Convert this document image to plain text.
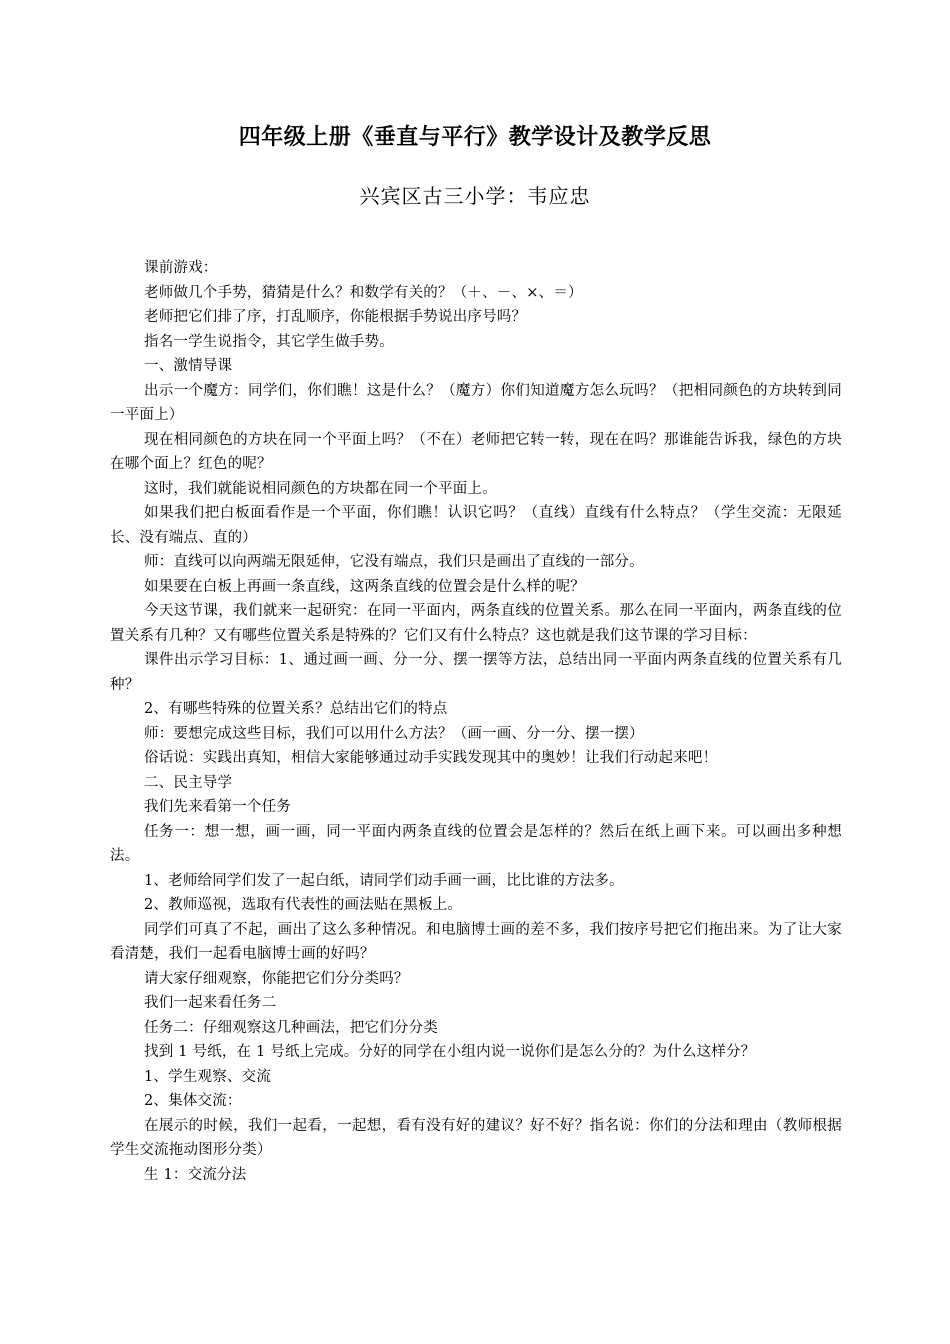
四年级上册《垂直与平行》教学设计及教学反思
兴宾区古三小学：韦应忠

课前游戏：

老师做几个手势，猜猜是什么？和数学有关的？（＋、－、×、＝）

老师把它们排了序，打乱顺序，你能根据手势说出序号吗？

指名一学生说指令，其它学生做手势。

一、激情导课

出示一个魔方：同学们，你们瞧！这是什么？（魔方）你们知道魔方怎么玩吗？（把相同颜色的方块转到同一平面上）

现在相同颜色的方块在同一个平面上吗？（不在）老师把它转一转，现在在吗？那谁能告诉我，绿色的方块在哪个面上？红色的呢？

这时，我们就能说相同颜色的方块都在同一个平面上。

如果我们把白板面看作是一个平面，你们瞧！认识它吗？（直线）直线有什么特点？（学生交流：无限延长、没有端点、直的）

师：直线可以向两端无限延伸，它没有端点，我们只是画出了直线的一部分。

如果要在白板上再画一条直线，这两条直线的位置会是什么样的呢？

今天这节课，我们就来一起研究：在同一平面内，两条直线的位置关系。那么在同一平面内，两条直线的位置关系有几种？又有哪些位置关系是特殊的？它们又有什么特点？这也就是我们这节课的学习目标：

课件出示学习目标：1、通过画一画、分一分、摆一摆等方法，总结出同一平面内两条直线的位置关系有几种？

2、有哪些特殊的位置关系？总结出它们的特点

师：要想完成这些目标，我们可以用什么方法？（画一画、分一分、摆一摆）

俗话说：实践出真知，相信大家能够通过动手实践发现其中的奥妙！让我们行动起来吧！

二、民主导学

我们先来看第一个任务

任务一：想一想，画一画，同一平面内两条直线的位置会是怎样的？然后在纸上画下来。可以画出多种想法。

1、老师给同学们发了一起白纸，请同学们动手画一画，比比谁的方法多。

2、教师巡视，选取有代表性的画法贴在黑板上。

同学们可真了不起，画出了这么多种情况。和电脑博士画的差不多，我们按序号把它们拖出来。为了让大家看清楚，我们一起看电脑博士画的好吗？

请大家仔细观察，你能把它们分分类吗？

我们一起来看任务二

任务二：仔细观察这几种画法，把它们分分类

找到 1 号纸，在 1 号纸上完成。分好的同学在小组内说一说你们是怎么分的？为什么这样分？

1、学生观察、交流

2、集体交流：

在展示的时候，我们一起看，一起想，看有没有好的建议？好不好？指名说：你们的分法和理由（教师根据学生交流拖动图形分类）

生 1：交流分法
